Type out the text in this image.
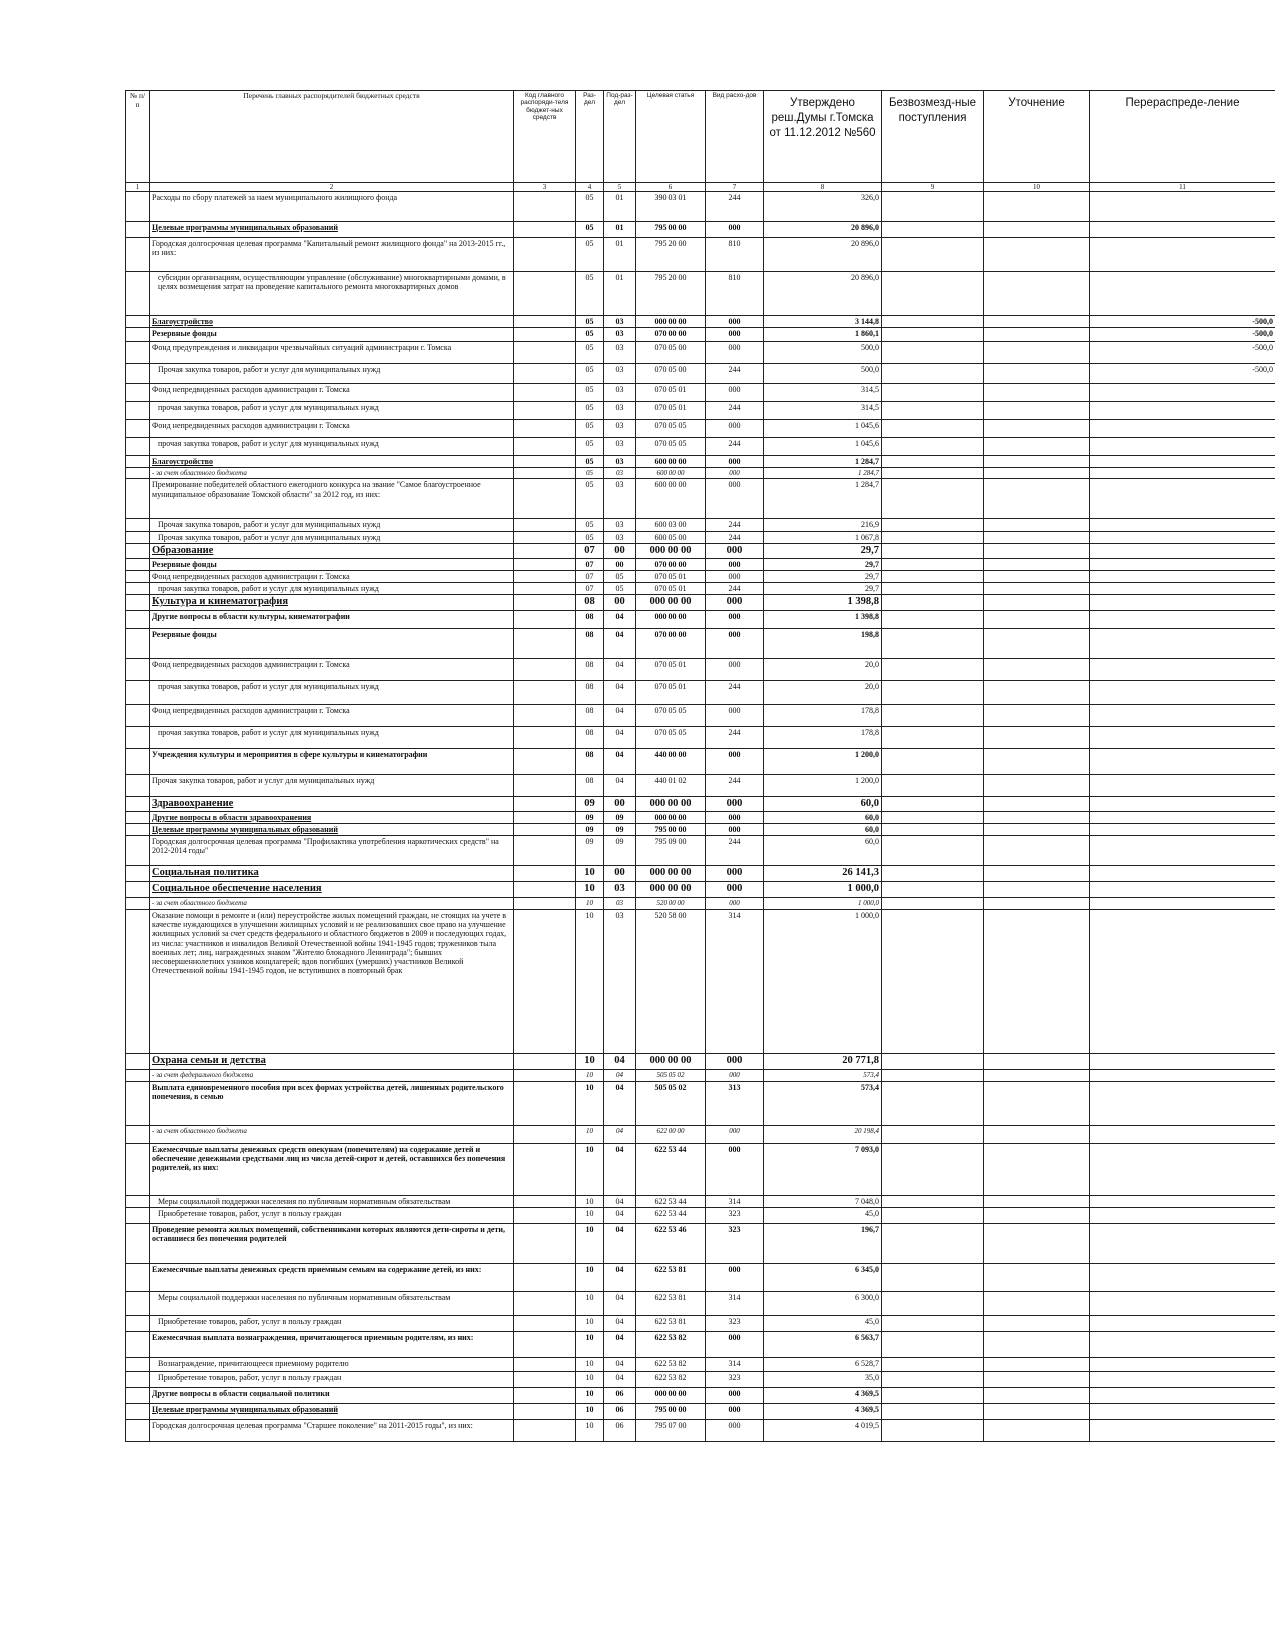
№ п/п	Перечень главных распорядителей бюджетных средств	Код главного распоряди-теля бюджет-ных средств	Раз-дел	Под-раз-дел	Целевая статья	Вид расхо-дов	Утверждено реш.Думы г.Томска от 11.12.2012 №560	Безвозмезд-ные поступления	Уточнение	Перераспреде-ление
1	2	3	4	5	6	7	8	9	10	11
	Расходы по сбору платежей за наем муниципального жилищного фонда		05	01	390 03 01	244	326,0			
	Целевые программы муниципальных образований		05	01	795 00 00	000	20 896,0			
	Городская долгосрочная целевая программа "Капитальный ремонт жилищного фонда" на 2013-2015 гг., из них:		05	01	795 20 00	810	20 896,0			
	субсидии организациям, осуществляющим управление (обслуживание) многоквартирными домами, в целях возмещения затрат на проведение капитального ремонта многоквартирных домов		05	01	795 20 00	810	20 896,0			
	Благоустройство		05	03	000 00 00	000	3 144,8			-500,0
	Резервные фонды		05	03	070 00 00	000	1 860,1			-500,0
	Фонд предупреждения и ликвидации чрезвычайных ситуаций администрации г. Томска		05	03	070 05 00	000	500,0			-500,0
	Прочая закупка товаров, работ и услуг для муниципальных нужд		05	03	070 05 00	244	500,0			-500,0
	Фонд непредвиденных расходов администрации г. Томска		05	03	070 05 01	000	314,5			
	прочая закупка товаров, работ и услуг для муниципальных нужд		05	03	070 05 01	244	314,5			
	Фонд непредвиденных расходов администрации г. Томска		05	03	070 05 05	000	1 045,6			
	прочая закупка товаров, работ и услуг для муниципальных нужд		05	03	070 05 05	244	1 045,6			
	Благоустройство		05	03	600 00 00	000	1 284,7			
	- за счет областного бюджета		05	03	600 00 00	000	1 284,7			
	Премирование победителей областного ежегодного конкурса на звание "Самое благоустроенное муниципальное образование Томской области" за 2012 год, из них:		05	03	600 00 00	000	1 284,7			
	Прочая закупка товаров, работ и услуг для муниципальных нужд		05	03	600 03 00	244	216,9			
	Прочая закупка товаров, работ и услуг для муниципальных нужд		05	03	600 05 00	244	1 067,8			
	Образование		07	00	000 00 00	000	29,7			
	Резервные фонды		07	00	070 00 00	000	29,7			
	Фонд непредвиденных расходов администрации г. Томска		07	05	070 05 01	000	29,7			
	прочая закупка товаров, работ и услуг для муниципальных нужд		07	05	070 05 01	244	29,7			
	Культура и кинематография		08	00	000 00 00	000	1 398,8			
	Другие вопросы в области культуры, кинематографии		08	04	000 00 00	000	1 398,8			
	Резервные фонды		08	04	070 00 00	000	198,8			
	Фонд непредвиденных расходов администрации г. Томска		08	04	070 05 01	000	20,0			
	прочая закупка товаров, работ и услуг для муниципальных нужд		08	04	070 05 01	244	20,0			
	Фонд непредвиденных расходов администрации г. Томска		08	04	070 05 05	000	178,8			
	прочая закупка товаров, работ и услуг для муниципальных нужд		08	04	070 05 05	244	178,8			
	Учреждения культуры и мероприятия в сфере культуры и кинематографии		08	04	440 00 00	000	1 200,0			
	Прочая закупка товаров, работ и услуг для муниципальных нужд		08	04	440 01 02	244	1 200,0			
	Здравоохранение		09	00	000 00 00	000	60,0			
	Другие вопросы в области здравоохранения		09	09	000 00 00	000	60,0			
	Целевые программы муниципальных образований		09	09	795 00 00	000	60,0			
	Городская долгосрочная целевая программа "Профилактика употребления наркотических средств" на 2012-2014 годы"		09	09	795 09 00	244	60,0			
	Социальная политика		10	00	000 00 00	000	26 141,3			
	Социальное обеспечение населения		10	03	000 00 00	000	1 000,0			
	- за счет областного бюджета		10	03	520 00 00	000	1 000,0			
	Оказание помощи в ремонте и (или) переустройстве жилых помещений граждан, не стоящих на учете в качестве нуждающихся в улучшении жилищных условий и не реализовавших свое право на улучшение жилищных условий за счет средств федерального и областного бюджетов в 2009 и последующих годах, из числа: участников и инвалидов Великой Отечественной войны 1941-1945 годов; тружеников тыла военных лет; лиц, награжденных знаком "Жителю блокадного Ленинграда"; бывших несовершеннолетних узников концлагерей; вдов погибших (умерших) участников Великой Отечественной войны 1941-1945 годов, не вступивших в повторный брак		10	03	520 58 00	314	1 000,0			
	Охрана семьи и детства		10	04	000 00 00	000	20 771,8			
	- за счет федерального бюджета		10	04	505 05 02	000	573,4			
	Выплата единовременного пособия при всех формах устройства детей, лишенных родительского попечения, в семью		10	04	505 05 02	313	573,4			
	- за счет областного бюджета		10	04	622 00 00	000	20 198,4			
	Ежемесячные выплаты денежных средств опекунам (попечителям) на содержание детей и обеспечение денежными средствами лиц из числа детей-сирот и детей, оставшихся без попечения родителей, из них:		10	04	622 53 44	000	7 093,0			
	Меры социальной поддержки населения по публичным нормативным обязательствам		10	04	622 53 44	314	7 048,0			
	Приобретение товаров, работ, услуг в пользу граждан		10	04	622 53 44	323	45,0			
	Проведение ремонта жилых помещений, собственниками которых являются дети-сироты и дети, оставшиеся без попечения родителей		10	04	622 53 46	323	196,7			
	Ежемесячные выплаты денежных средств приемным семьям на содержание детей, из них:		10	04	622 53 81	000	6 345,0			
	Меры социальной поддержки населения по публичным нормативным обязательствам		10	04	622 53 81	314	6 300,0			
	Приобретение товаров, работ, услуг в пользу граждан		10	04	622 53 81	323	45,0			
	Ежемесячная выплата вознаграждения, причитающегося приемным родителям, из них:		10	04	622 53 82	000	6 563,7			
	Вознаграждение, причитающееся приемному родителю		10	04	622 53 82	314	6 528,7			
	Приобретение товаров, работ, услуг в пользу граждан		10	04	622 53 82	323	35,0			
	Другие вопросы в области социальной политики		10	06	000 00 00	000	4 369,5			
	Целевые программы муниципальных образований		10	06	795 00 00	000	4 369,5			
	Городская долгосрочная целевая программа "Старшее поколение" на 2011-2015 годы", из них:		10	06	795 07 00	000	4 019,5			
